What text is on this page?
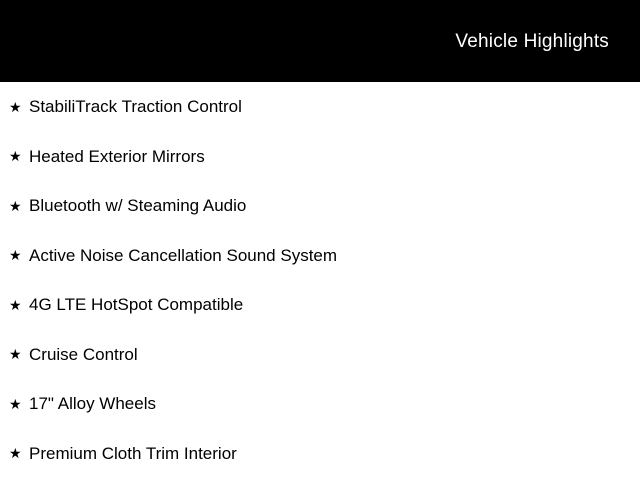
Vehicle Highlights
★ StabiliTrack Traction Control
★ Heated Exterior Mirrors
★ Bluetooth w/ Steaming Audio
★ Active Noise Cancellation Sound System
★ 4G LTE HotSpot Compatible
★ Cruise Control
★ 17" Alloy Wheels
★ Premium Cloth Trim Interior
